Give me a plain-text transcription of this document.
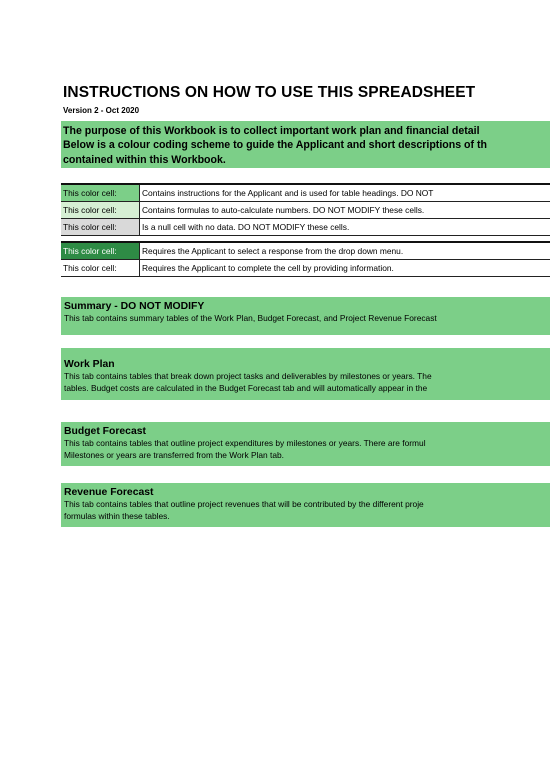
INSTRUCTIONS ON HOW TO USE THIS SPREADSHEET
Version 2 - Oct 2020
The purpose of this Workbook is to collect important work plan and financial detail
Below is a colour coding scheme to guide the Applicant and short descriptions of th
contained within this Workbook.
This color cell:	Contains instructions for the Applicant and is used for table headings. DO NOT
This color cell:	Contains formulas to auto-calculate numbers. DO NOT MODIFY these cells.
This color cell:	Is a null cell with no data. DO NOT MODIFY these cells.
This color cell:	Requires the Applicant to select a response from the drop down menu.
This color cell:	Requires the Applicant to complete the cell by providing information.
Summary - DO NOT MODIFY
This tab contains summary tables of the Work Plan, Budget Forecast, and Project Revenue Forecast
Work Plan
This tab contains tables that break down project tasks and deliverables by milestones or years. The
tables. Budget costs are calculated in the Budget Forecast tab and will automatically appear in the
Budget Forecast
This tab contains tables that outline project expenditures by milestones or years. There are formul
Milestones or years are transferred from the Work Plan tab.
Revenue Forecast
This tab contains tables that outline project revenues that will be contributed by the different proje
formulas within these tables.
